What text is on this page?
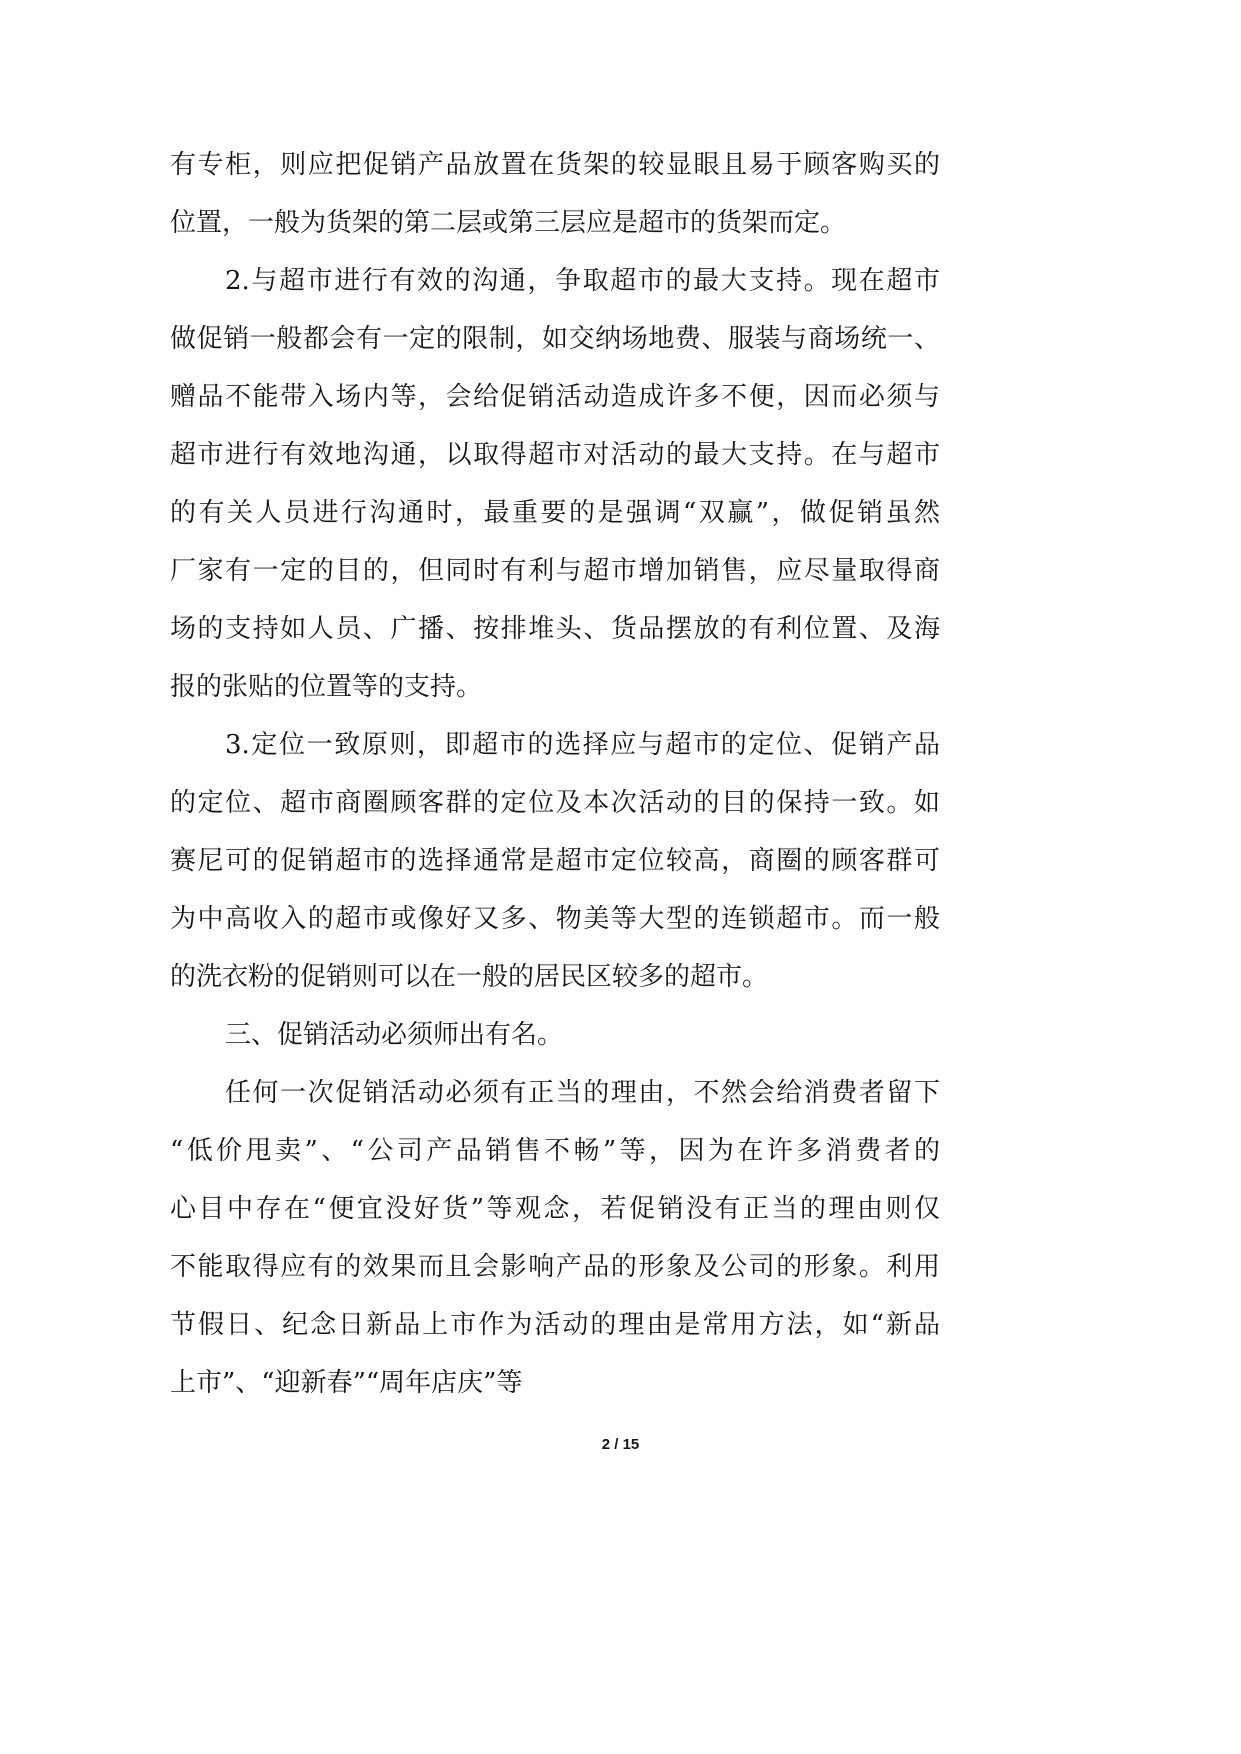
有专柜，则应把促销产品放置在货架的较显眼且易于顾客购买的
位置，一般为货架的第二层或第三层应是超市的货架而定。
2.与超市进行有效的沟通，争取超市的最大支持。现在超市
做促销一般都会有一定的限制，如交纳场地费、服装与商场统一、
赠品不能带入场内等，会给促销活动造成许多不便，因而必须与
超市进行有效地沟通，以取得超市对活动的最大支持。在与超市
的有关人员进行沟通时，最重要的是强调“双赢”，做促销虽然
厂家有一定的目的，但同时有利与超市增加销售，应尽量取得商
场的支持如人员、广播、按排堆头、货品摆放的有利位置、及海
报的张贴的位置等的支持。
3.定位一致原则，即超市的选择应与超市的定位、促销产品
的定位、超市商圈顾客群的定位及本次活动的目的保持一致。如
赛尼可的促销超市的选择通常是超市定位较高，商圈的顾客群可
为中高收入的超市或像好又多、物美等大型的连锁超市。而一般
的洗衣粉的促销则可以在一般的居民区较多的超市。
三、促销活动必须师出有名。
任何一次促销活动必须有正当的理由，不然会给消费者留下
“低价甩卖”、“公司产品销售不畅”等，因为在许多消费者的
心目中存在“便宜没好货”等观念，若促销没有正当的理由则仅
不能取得应有的效果而且会影响产品的形象及公司的形象。利用
节假日、纪念日新品上市作为活动的理由是常用方法，如“新品
上市”、“迎新春”“周年店庆”等
2 / 15
